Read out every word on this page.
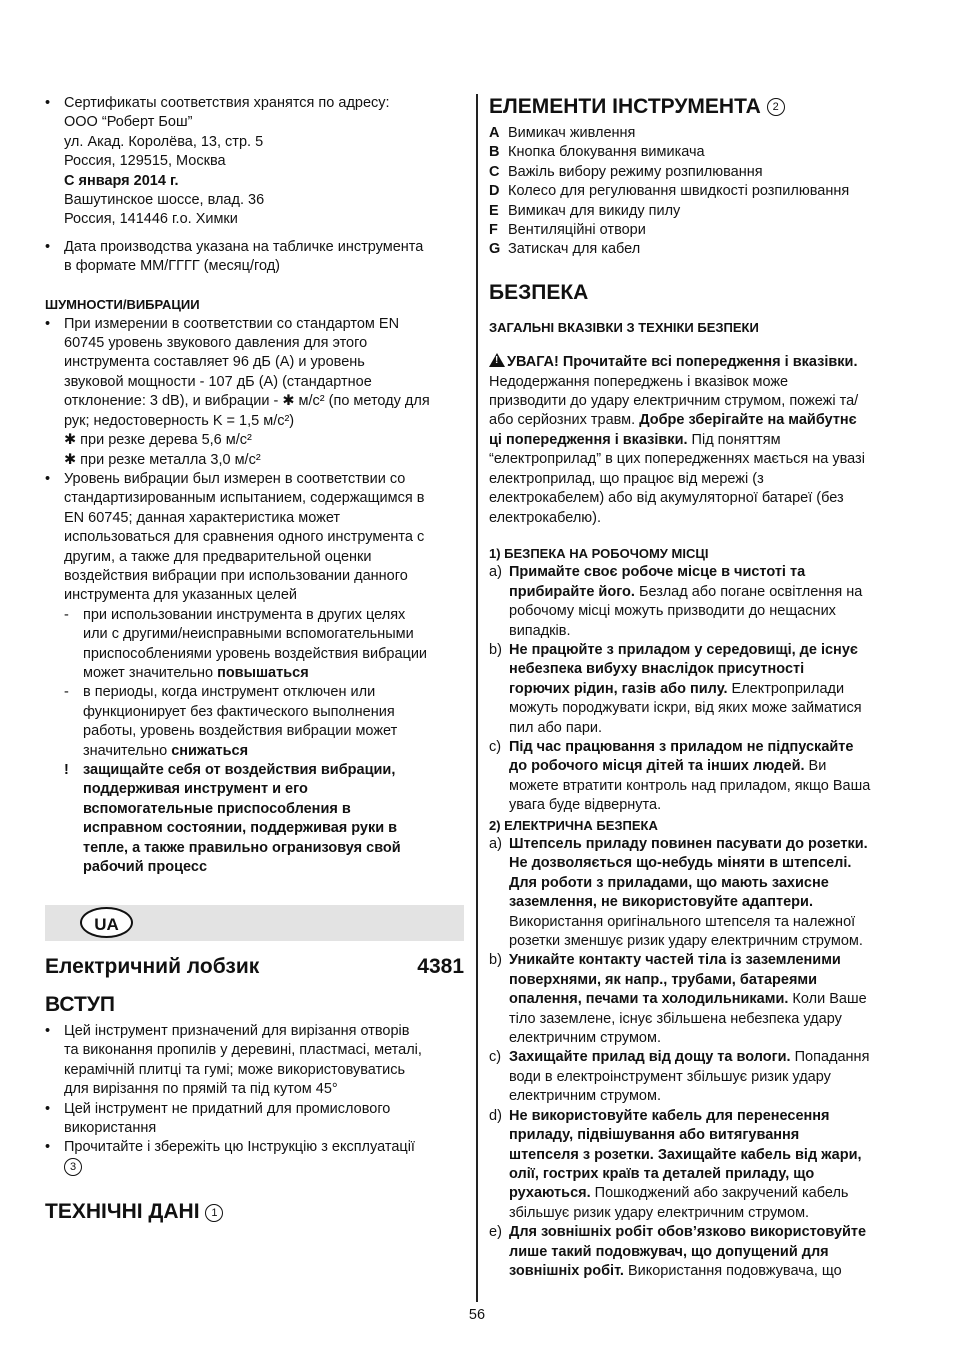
• Сертификаты соответствия хранятся по адресу:
ООО “Роберт Бош”
ул. Акад. Королёва, 13, стр. 5
Россия, 129515, Москва
С января 2014 г.
Вашутинское шоссе, влад. 36
Россия, 141446 г.о. Химки
• Дата производства указана на табличке инструмента
в формате ММ/ГГГГ (месяц/год)
ШУМНОСТИ/ВИБРАЦИИ
• При измерении в соответствии со стандартом EN
60745 уровень звукового давления для этого
инструмента составляет 96 дБ (А) и уровень
звуковой мощности - 107 дБ (А) (стандартное
отклонение: 3 dB), и вибрации - ✱ м/с² (по методу для
рук; недостоверность K = 1,5 м/с²)
✱ при резке дерева 5,6 м/с²
✱ при резке металла 3,0 м/с²
• Уровень вибрации был измерен в соответствии со
стандартизированным испытанием, содержащимся в
EN 60745; данная характеристика может
использоваться для сравнения одного инструмента с
другим, а также для предварительной оценки
воздействия вибрации при использовании данного
инструмента для указанных целей
- при использовании инструмента в других целях
или с другими/неисправными вспомогательными
приспособлениями уровень воздействия вибрации
может значительно повышаться
- в периоды, когда инструмент отключен или
функционирует без фактического выполнения
работы, уровень воздействия вибрации может
значительно снижаться
! защищайте себя от воздействия вибрации,
поддерживая инструмент и его
вспомогательные приспособления в
исправном состоянии, поддерживая руки в
тепле, а также правильно огранизовуя свой
рабочий процесс
UA
Електричний лобзик	4381
ВСТУП
• Цей інструмент призначений для вирізання отворів
та виконання пропилів у деревині, пластмасі, металі,
керамічній плитці та гумі; може використовуватись
для вирізання по прямій та під кутом 45°
• Цей інструмент не придатний для промислового
використання
• Прочитайте і збережіть цю Інструкцію з експлуатації
3
ТЕХНІЧНІ ДАНІ 1
ЕЛЕМЕНТИ ІНСТРУМЕНТА 2
A Вимикач живлення
B Кнопка блокування вимикача
C Важіль вибору режиму розпилювання
D Колесо для регулювання швидкості розпилювання
E Вимикач для викиду пилу
F Вентиляційні отвори
G Затискач для кабел
БЕЗПЕКА
ЗАГАЛЬНІ ВКАЗІВКИ З ТЕХНІКИ БЕЗПЕКИ
!УВАГА! Прочитайте всі попередження і вказівки.
Недодержання попереджень і вказівок може
призводити до удару електричним струмом, пожежі та/
або серйозних травм. Добре зберігайте на майбутнє
ці попередження і вказівки. Під поняттям
“електроприлад” в цих попередженнях мається на увазі
електроприлад, що працює від мережі (з
електрокабелем) або від акумуляторної батареї (без
електрокабелю).
1) БЕЗПЕКА НА РОБОЧОМУ МІСЦІ
a) Примайте своє робоче місце в чистоті та
прибирайте його. Безлад або погане освітлення на
робочому місці можуть призводити до нещасних
випадків.
b) Не працюйте з приладом у середовищі, де існує
небезпека вибуху внаслідок присутності
горючих рідин, газів або пилу. Електроприлади
можуть породжувати іскри, від яких може займатися
пил або пари.
c) Під час працювання з приладом не підпускайте
до робочого місця дітей та інших людей. Ви
можете втратити контроль над приладом, якщо Ваша
увага буде відвернута.
2) ЕЛЕКТРИЧНА БЕЗПЕКА
a) Штепсель приладу повинен пасувати до розетки.
Не дозволяється що-небудь міняти в штепселі.
Для роботи з приладами, що мають захисне
заземлення, не використовуйте адаптери.
Використання оригінального штепселя та належної
розетки зменшує ризик удару електричним струмом.
b) Уникайте контакту частей тіла із заземленими
поверхнями, як напр., трубами, батареями
опалення, печами та холодильниками. Коли Ваше
тіло заземлене, існує збільшена небезпека удару
електричним струмом.
c) Захищайте прилад від дощу та вологи. Попадання
води в електроінструмент збільшує ризик удару
електричним струмом.
d) Не використовуйте кабель для перенесення
приладу, підвішування або витягування
штепселя з розетки. Захищайте кабель від жари,
олії, гострих країв та деталей приладу, що
рухаються. Пошкоджений або закручений кабель
збільшує ризик удару електричним струмом.
e) Для зовнішніх робіт обов’язково використовуйте
лише такий подовжувач, що допущений для
зовнішніх робіт. Використання подовжувача, що
56
